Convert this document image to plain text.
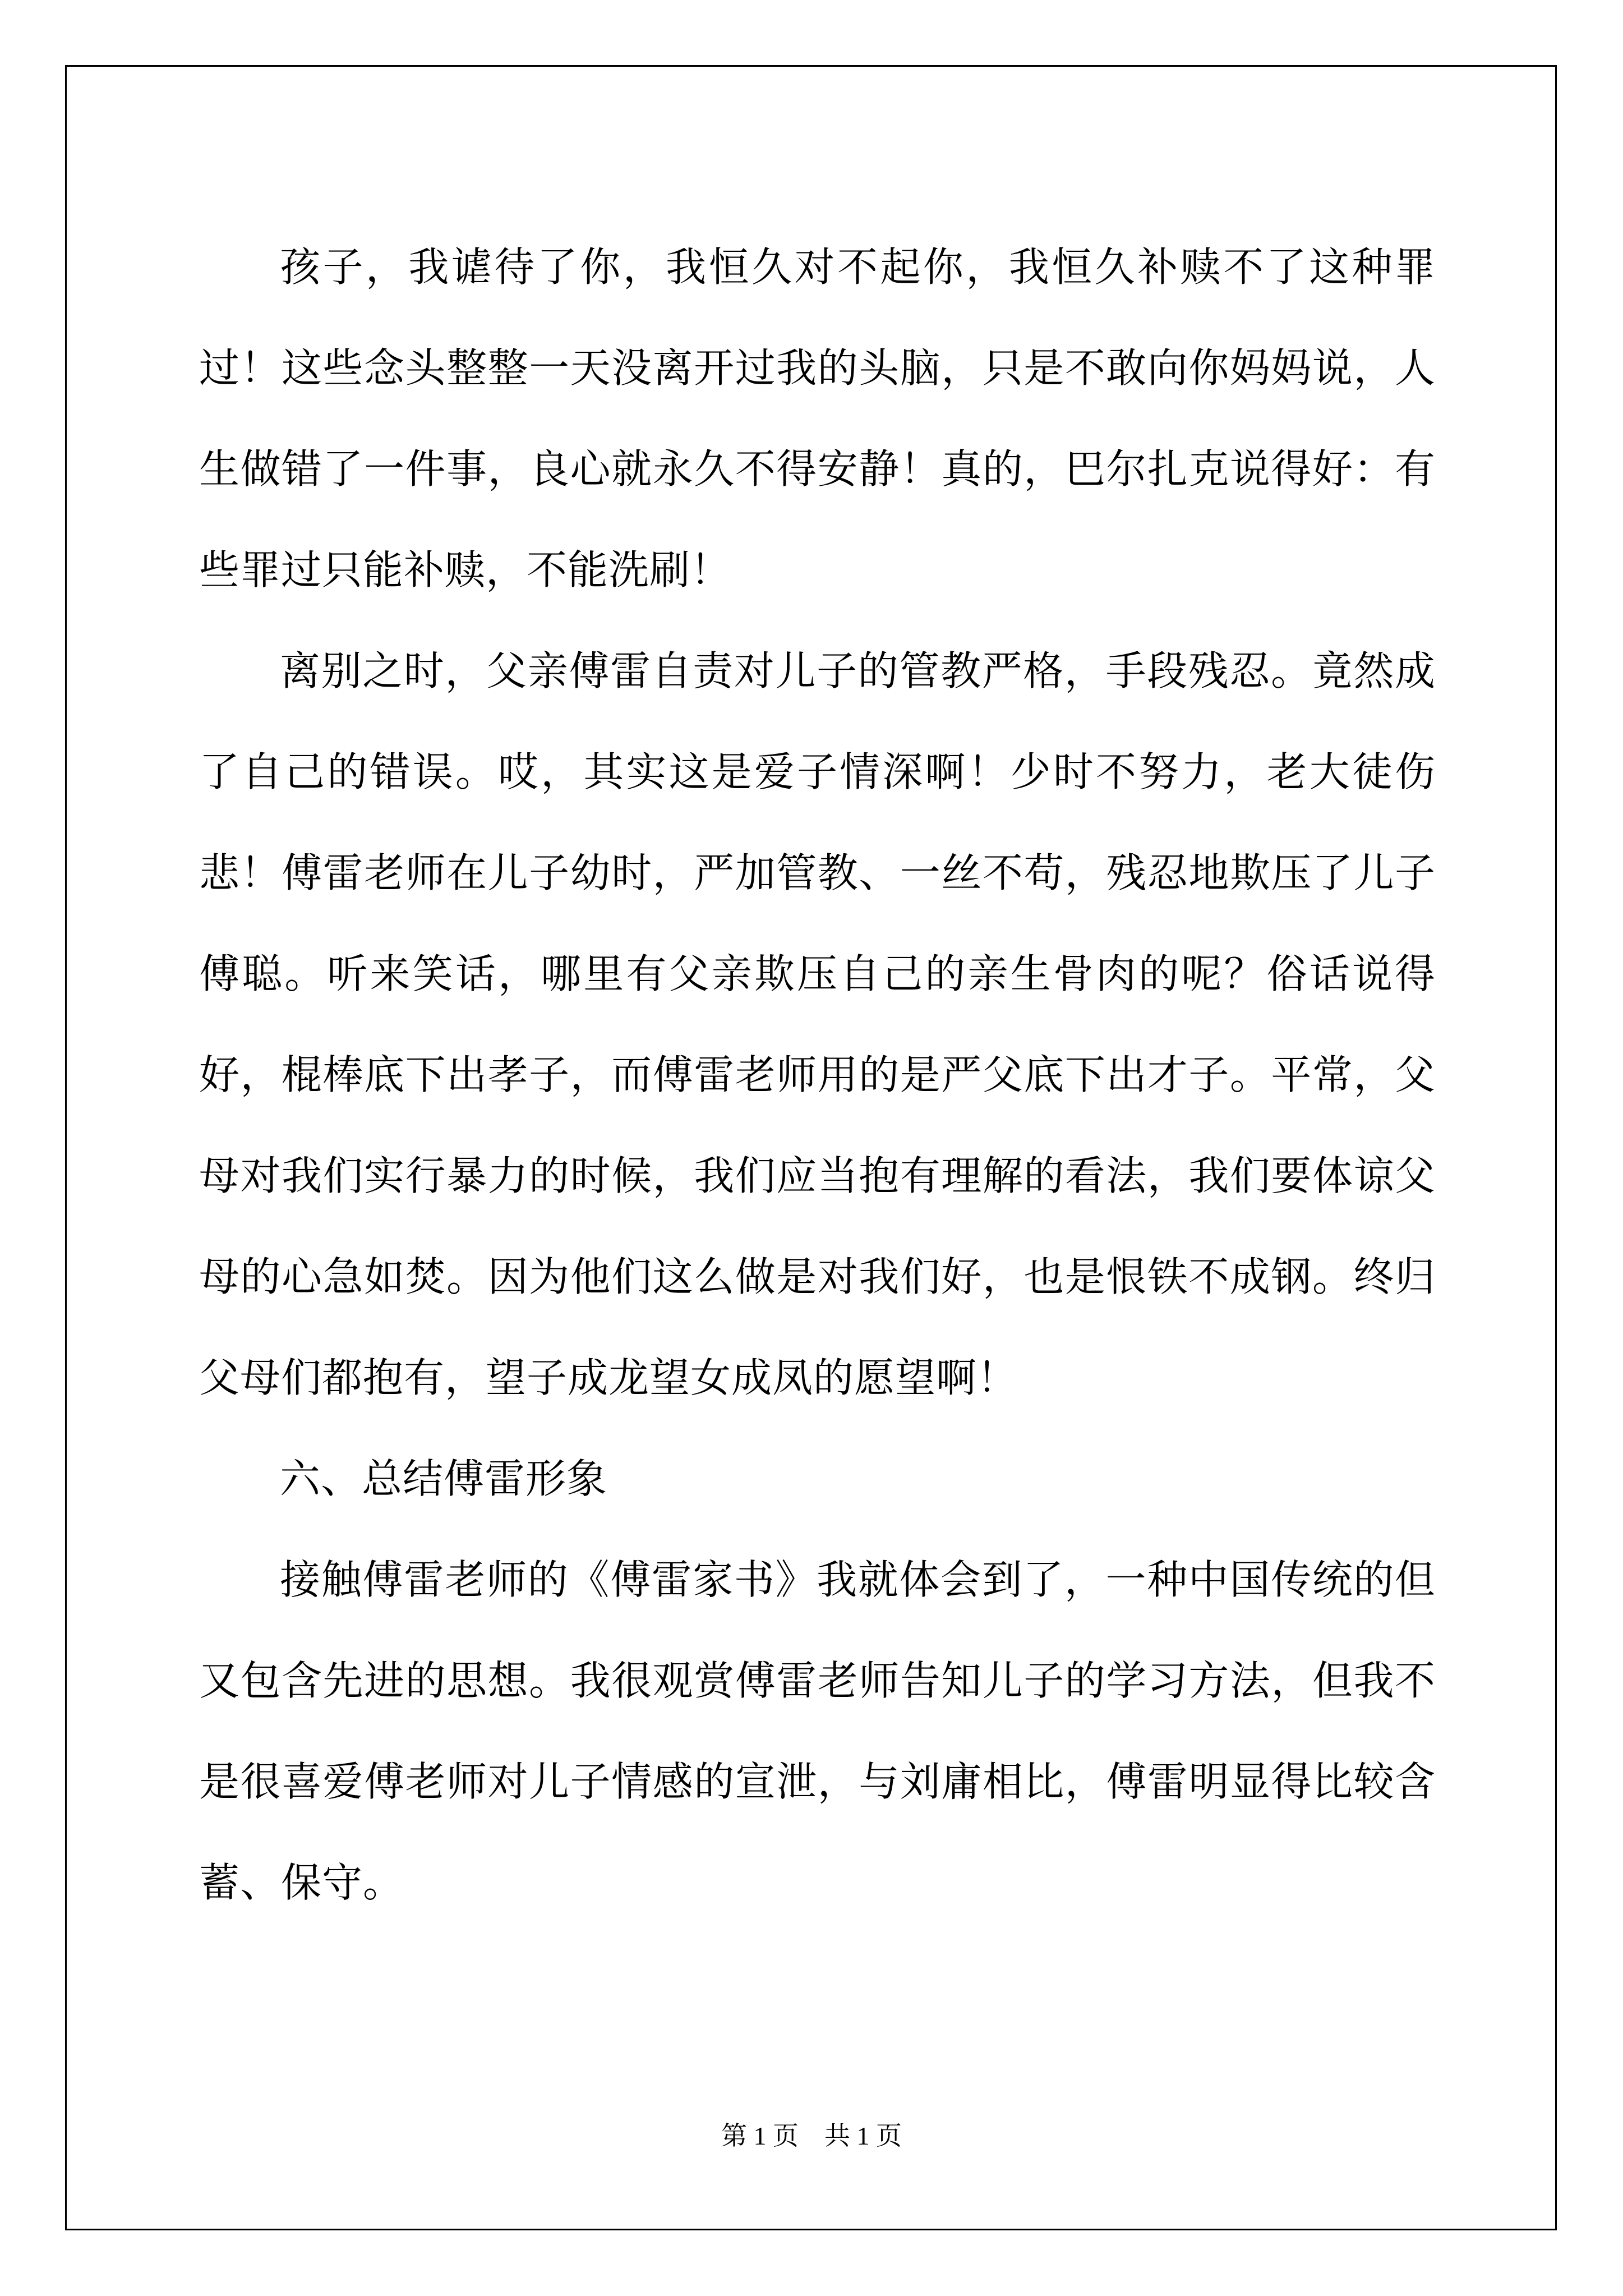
孩子，我谑待了你，我恒久对不起你，我恒久补赎不了这种罪过！这些念头整整一天没离开过我的头脑，只是不敢向你妈妈说，人生做错了一件事，良心就永久不得安静！真的，巴尔扎克说得好：有些罪过只能补赎，不能洗刷！

离别之时，父亲傅雷自责对儿子的管教严格，手段残忍。竟然成了自己的错误。哎，其实这是爱子情深啊！少时不努力，老大徒伤悲！傅雷老师在儿子幼时，严加管教、一丝不苟，残忍地欺压了儿子傅聪。听来笑话，哪里有父亲欺压自己的亲生骨肉的呢？俗话说得好，棍棒底下出孝子，而傅雷老师用的是严父底下出才子。平常，父母对我们实行暴力的时候，我们应当抱有理解的看法，我们要体谅父母的心急如焚。因为他们这么做是对我们好，也是恨铁不成钢。终归父母们都抱有，望子成龙望女成凤的愿望啊！

六、总结傅雷形象

接触傅雷老师的《傅雷家书》我就体会到了，一种中国传统的但又包含先进的思想。我很观赏傅雷老师告知儿子的学习方法，但我不是很喜爱傅老师对儿子情感的宣泄，与刘庸相比，傅雷明显得比较含蓄、保守。

第 1 页 共 1 页
